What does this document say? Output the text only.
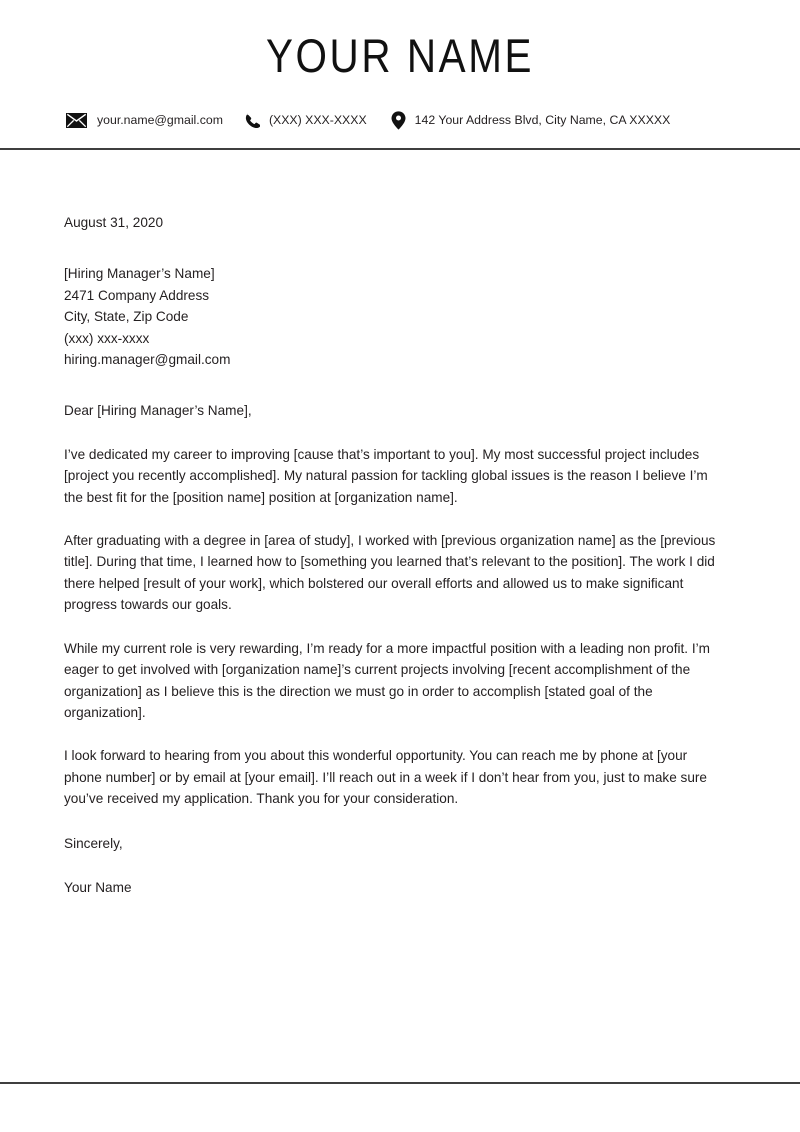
YOUR NAME
your.name@gmail.com	(XXX) XXX-XXXX	142 Your Address Blvd, City Name, CA XXXXX

August 31, 2020

[Hiring Manager’s Name]
2471 Company Address
City, State, Zip Code
(xxx) xxx-xxxx
hiring.manager@gmail.com

Dear [Hiring Manager’s Name],

I’ve dedicated my career to improving [cause that’s important to you]. My most successful project includes [project you recently accomplished]. My natural passion for tackling global issues is the reason I believe I’m the best fit for the [position name] position at [organization name].

After graduating with a degree in [area of study], I worked with [previous organization name] as the [previous title]. During that time, I learned how to [something you learned that’s relevant to the position]. The work I did there helped [result of your work], which bolstered our overall efforts and allowed us to make significant progress towards our goals.

While my current role is very rewarding, I’m ready for a more impactful position with a leading non profit. I’m eager to get involved with [organization name]’s current projects involving [recent accomplishment of the organization] as I believe this is the direction we must go in order to accomplish [stated goal of the organization].

I look forward to hearing from you about this wonderful opportunity. You can reach me by phone at [your phone number] or by email at [your email]. I’ll reach out in a week if I don’t hear from you, just to make sure you’ve received my application. Thank you for your consideration.

Sincerely,

Your Name
